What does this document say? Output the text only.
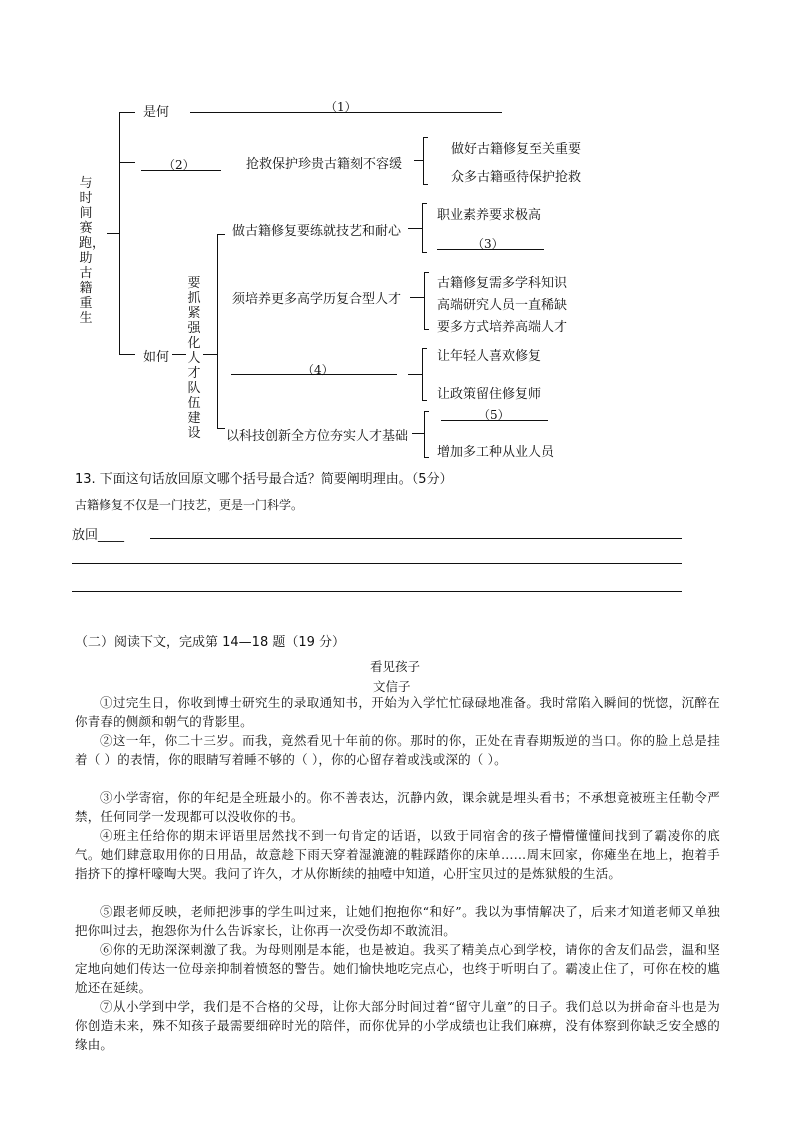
与时间赛跑，助古籍重生
是何	（1）
（2）	抢救保护珍贵古籍刻不容缓
做好古籍修复至关重要
众多古籍亟待保护抢救
如何
要抓紧强化人才队伍建设
做古籍修复要练就技艺和耐心
职业素养要求极高
（3）
须培养更多高学历复合型人才
古籍修复需多学科知识
高端研究人员一直稀缺
要多方式培养高端人才
（4）
让年轻人喜欢修复
让政策留住修复师
以科技创新全方位夯实人才基础
（5）
增加多工种从业人员
13. 下面这句话放回原文哪个括号最合适？简要阐明理由。（5分）
古籍修复不仅是一门技艺，更是一门科学。
放回____
（二）阅读下文，完成第 14—18 题（19 分）
看见孩子
文信子
①过完生日，你收到博士研究生的录取通知书，开始为入学忙忙碌碌地准备。我时常陷入瞬间的恍惚，沉醉在你青春的侧颜和朝气的背影里。
②这一年，你二十三岁。而我，竟然看见十年前的你。那时的你，正处在青春期叛逆的当口。你的脸上总是挂着（ ）的表情，你的眼睛写着睡不够的（ ），你的心留存着或浅或深的（ ）。
③小学寄宿，你的年纪是全班最小的。你不善表达，沉静内敛，课余就是埋头看书；不承想竟被班主任勒令严禁，任何同学一发现都可以没收你的书。
④班主任给你的期末评语里居然找不到一句肯定的话语，以致于同宿舍的孩子懵懵懂懂间找到了霸凌你的底气。她们肆意取用你的日用品，故意趁下雨天穿着湿漉漉的鞋踩踏你的床单……周末回家，你瘫坐在地上，抱着手指挤下的撑杆嚎啕大哭。我问了许久，才从你断续的抽噎中知道，心肝宝贝过的是炼狱般的生活。
⑤跟老师反映，老师把涉事的学生叫过来，让她们抱抱你“和好”。我以为事情解决了，后来才知道老师又单独把你叫过去，抱怨你为什么告诉家长，让你再一次受伤却不敢流泪。
⑥你的无助深深刺激了我。为母则刚是本能，也是被迫。我买了精美点心到学校，请你的舍友们品尝，温和坚定地向她们传达一位母亲抑制着愤怒的警告。她们愉快地吃完点心，也终于听明白了。霸凌止住了，可你在校的尴尬还在延续。
⑦从小学到中学，我们是不合格的父母，让你大部分时间过着“留守儿童”的日子。我们总以为拼命奋斗也是为你创造未来，殊不知孩子最需要细碎时光的陪伴，而你优异的小学成绩也让我们麻痹，没有体察到你缺乏安全感的缘由。
